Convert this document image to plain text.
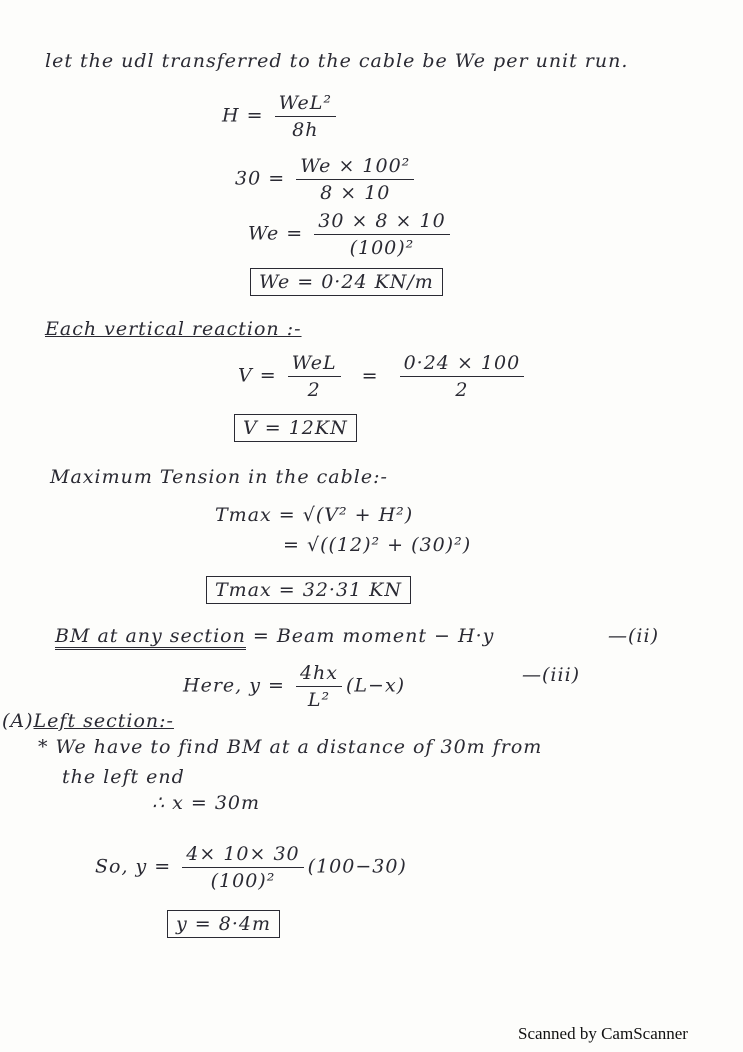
let the udl transferred to the cable be We per unit run.
$H = \frac{\text{WeL²}}{8h}$
$30 = \frac{\text{We × 100²}}{8 \times 10}$
$We = \frac{30 \times 8 \times 10}{\text{(100)²}}$
We = 0·24 KN/m
Each vertical reaction :-
$V = \frac{\text{WeL}}{2} = \frac{0\cdot 24 \times 100}{2}$
V = 12KN
Maximum Tension in the cable:-
Tmax = √(V² + H²)
= √((12)² + (30)²)
Tmax = 32·31 KN
BM at any section = Beam moment − H·y	—(ii)
Here, $y = \frac{4hx}{\text{L²}} (L-x)$	—(iii)
(A)Left section:-
* We have to find BM at a distance of 30m from
the left end
∴ x = 30m
So, $y = \frac{4\times 10\times 30}{\text{(100)²}} (100-30)$
y = 8·4m
Scanned by CamScanner
